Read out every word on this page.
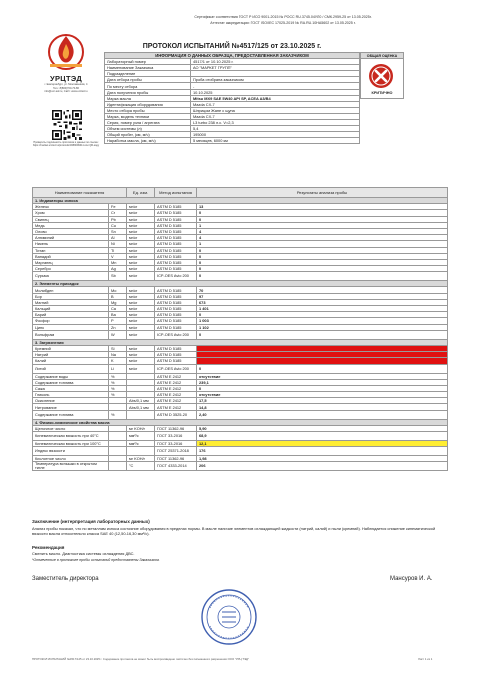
Сертификат соответствия ГОСТ Р ИСО 9001-2015 № РОСС RU.3745.04УЛ0 / СМК.2959-25 от 13.05.2025г.
Аттестат аккредитации: ГОСТ ISO/IEC 17025-2019 № RA.RU.10HA5602 от 13.05.2025 г.
УРЦТЭД
г. Екатеринбург, ул. Монтажников, 4
Тел.: 8(800)700-70-86
info@urc-ted.ru, Сайт: www.urctsd.ru
Проверить подлинность протокола и данных по ссылке: https://market.urctsd.ru/protocols/4959096411 или QR-коду
ПРОТОКОЛ ИСПЫТАНИЙ №4517/125 от 23.10.2025 г.
ИНФОРМАЦИЯ О ДАННЫХ ОБРАЗЦА, ПРЕДОСТАВЛЕННАЯ ЗАКАЗЧИКОМ	
Лабораторный номер	4517/1 от 10.10.2025 г.
Наименование Заказчика	АО "МАРКЕТ ГРУПП"
Подразделение	
Дата отбора пробы	Проба отобрана заказчиком
По месту отбора	-
Дата получения пробы	10.10.2025
Марка масла	Mitsu MX9 SAE 5W40 API SP, ACEA A3/B4
Идентификация оборудования	Mazda CX-7
Место отбора пробы	Шприцом Жане с щупа
Марка, модель техники	Mazda CX-7
Серия, номер узла / агрегата	L3 turbo 238 л.с. V=2,3
Объем системы (л)	5,4
Общий пробег, (км, м/ч)	195000
Наработка масла, (км, м/ч)	5 месяцев, 6000 км
ОБЩАЯ ОЦЕНКА
КРИТИЧНО
Наименование показателя		Ед. изм.	Метод испытания	Результаты анализа пробы
1. Индикаторы износа				
Железо	Fe	мг/кг	ASTM D 5185	13
Хром	Cr	мг/кг	ASTM D 5185	0
Свинец	Pb	мг/кг	ASTM D 5185	0
Медь	Cu	мг/кг	ASTM D 5185	1
Олово	Sn	мг/кг	ASTM D 5185	4
Алюминий	Al	мг/кг	ASTM D 5185	4
Никель	Ni	мг/кг	ASTM D 5185	1
Титан	Ti	мг/кг	ASTM D 5185	0
Ванадий	V	мг/кг	ASTM D 5185	0
Марганец	Mn	мг/кг	ASTM D 5185	0
Серебро	Ag	мг/кг	ASTM D 5185	0
Сурьма	Sb	мг/кг	ICP-OES Avio 200	0
2. Элементы присадок				
Молибден	Mo	мг/кг	ASTM D 5185	70
Бор	B	мг/кг	ASTM D 5185	97
Магний	Mg	мг/кг	ASTM D 5185	673
Кальций	Ca	мг/кг	ASTM D 5185	1 401
Барий	Ba	мг/кг	ASTM D 5185	0
Фосфор	P	мг/кг	ASTM D 5185	1 003
Цинк	Zn	мг/кг	ASTM D 5185	1 102
Вольфрам	W	мг/кг	ICP-OES Avio 200	0
3. Загрязнения				
Кремний	Si	мг/кг	ASTM D 5185	
Натрий	Na	мг/кг	ASTM D 5185	
Калий	K	мг/кг	ASTM D 5185	
Литий	Li	мг/кг	ICP-OES Avio 200	0
Содержание воды	%		ASTM E 2412	отсутствие
Содержание топлива	%		ASTM E 2412	239,1
Сажа	%		ASTM E 2412	0
Гликоль	%		ASTM E 2412	отсутствие
Окисление		Abs/0,1 мм	ASTM E 2412	17,5
Нитрование		Abs/0,1 мм	ASTM E 2412	14,8
Содержание топлива	%		ASTM D 3525-20	2,40
4. Физико-химические свойства масла				
Щелочное число		мг KOH/г	ГОСТ 11362-96	5,90
Кинематическая вязкость при 40°C		мм²/с	ГОСТ 33-2016	68,9
Кинематическая вязкость при 100°C		мм²/с	ГОСТ 33-2016	12,1
Индекс вязкости			ГОСТ 25371-2018	176
Кислотное число		мг KOH/г	ГОСТ 11362-96	1,98
Температура вспышки в открытом тигле		°С	ГОСТ 4333-2014	206
Заключение (интерпретация лабораторных данных)
Анализ пробы показал, что по металлам износа состояние оборудования в пределах нормы. В масле наличие элементов охлаждающей жидкости (натрий, калий) и пыли (кремний). Наблюдается снижение кинематической вязкости масла относительно класса SAE 40 (12,50-16,30 мм²/с).
Рекомендация
Сменить масло. Диагностика системы охлаждения ДВС.
*Отмеченные в протоколе пробы испытаний предоставлены Заказчиком.
Заместитель директора	Мансуров И. А.
ПРОТОКОЛ ИСПЫТАНИЙ №4517/125 от 23.10.2025 г. Содержание протокола не может быть воспроизведено частично без письменного разрешения ООО "УРЦ ТЭД"	Лист 1 из 1
